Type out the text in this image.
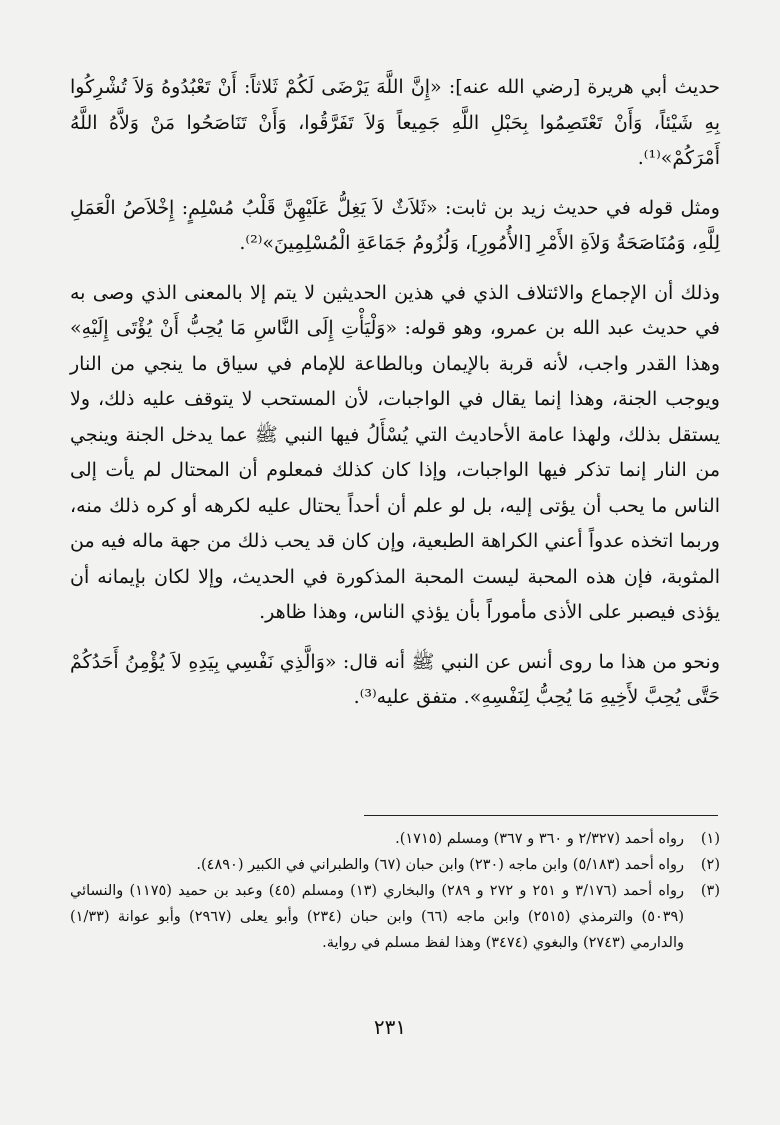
حديث أبي هريرة [رضي الله عنه]: «إِنَّ اللَّهَ يَرْضَى لَكُمْ ثَلاثاً: أَنْ تَعْبُدُوهُ وَلاَ تُشْرِكُوا بِهِ شَيْئاً، وَأَنْ تَعْتَصِمُوا بِحَبْلِ اللَّهِ جَمِيعاً وَلاَ تَفَرَّقُوا، وَأَنْ تَنَاصَحُوا مَنْ وَلاَّهُ اللَّهُ أَمْرَكُمْ»⁽¹⁾.

ومثل قوله في حديث زيد بن ثابت: «ثَلاَثٌ لاَ يَغِلُّ عَلَيْهِنَّ قَلْبُ مُسْلِمٍ: إِخْلاَصُ الْعَمَلِ لِلَّهِ، وَمُنَاصَحَةُ وَلاَةِ الأَمْرِ [الأُمُورِ]، وَلُزُومُ جَمَاعَةِ الْمُسْلِمِينَ»⁽²⁾.

وذلك أن الإجماع والائتلاف الذي في هذين الحديثين لا يتم إلا بالمعنى الذي وصى به في حديث عبد الله بن عمرو، وهو قوله: «وَلْيَأْتِ إِلَى النَّاسِ مَا يُحِبُّ أَنْ يُؤْتَى إِلَيْهِ» وهذا القدر واجب، لأنه قربة بالإيمان وبالطاعة للإمام في سياق ما ينجي من النار ويوجب الجنة، وهذا إنما يقال في الواجبات، لأن المستحب لا يتوقف عليه ذلك، ولا يستقل بذلك، ولهذا عامة الأحاديث التي يُسْأَلُ فيها النبي ﷺ عما يدخل الجنة وينجي من النار إنما تذكر فيها الواجبات، وإذا كان كذلك فمعلوم أن المحتال لم يأت إلى الناس ما يحب أن يؤتى إليه، بل لو علم أن أحداً يحتال عليه لكرهه أو كره ذلك منه، وربما اتخذه عدواً أعني الكراهة الطبعية، وإن كان قد يحب ذلك من جهة ماله فيه من المثوبة، فإن هذه المحبة ليست المحبة المذكورة في الحديث، وإلا لكان بإيمانه أن يؤذى فيصبر على الأذى مأموراً بأن يؤذي الناس، وهذا ظاهر.

ونحو من هذا ما روى أنس عن النبي ﷺ أنه قال: «وَالَّذِي نَفْسِي بِيَدِهِ لاَ يُؤْمِنُ أَحَدُكُمْ حَتَّى يُحِبَّ لأَخِيهِ مَا يُحِبُّ لِنَفْسِهِ». متفق عليه⁽³⁾.

(١)
رواه أحمد (٢/٣٢٧ و ٣٦٠ و ٣٦٧) ومسلم (١٧١٥).
(٢)
رواه أحمد (٥/١٨٣) وابن ماجه (٢٣٠) وابن حبان (٦٧) والطبراني في الكبير (٤٨٩٠).
(٣)
رواه أحمد (٣/١٧٦ و ٢٥١ و ٢٧٢ و ٢٨٩) والبخاري (١٣) ومسلم (٤٥) وعبد بن حميد (١١٧٥) والنسائي (٥٠٣٩) والترمذي (٢٥١٥) وابن ماجه (٦٦) وابن حبان (٢٣٤) وأبو يعلى (٢٩٦٧) وأبو عوانة (١/٣٣) والدارمي (٢٧٤٣) والبغوي (٣٤٧٤) وهذا لفظ مسلم في رواية.
٢٣١
